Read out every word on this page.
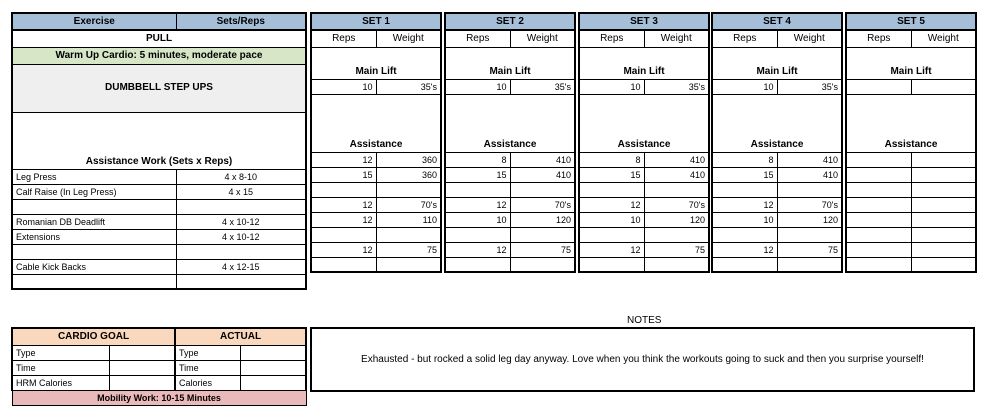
Exercise	Sets/Reps
PULL	
Warm Up Cardio: 5 minutes, moderate pace	
DUMBBELL STEP UPS	
Assistance Work (Sets x Reps)	
Leg Press	4 x 8-10
Calf Raise (In Leg Press)	4 x 15

Romanian DB Deadlift	4 x 10-12
Extensions	4 x 10-12

Cable Kick Backs	4 x 12-15

SET 1	
Reps	Weight
Main Lift	
10	35's
Assistance	
12	360
15	360

12	70's
12	110

12	75

SET 2	
Reps	Weight
Main Lift	
10	35's
Assistance	
8	410
15	410

12	70's
10	120

12	75

SET 3	
Reps	Weight
Main Lift	
10	35's
Assistance	
8	410
15	410

12	70's
10	120

12	75

SET 4	
Reps	Weight
Main Lift	
10	35's
Assistance	
8	410
15	410

12	70's
10	120

12	75

SET 5	
Reps	Weight
Main Lift	

Assistance	

CARDIO GOAL		ACTUAL	
Type		Type	
Time		Time	
HRM Calories		Calories	
Mobility Work: 10-15 Minutes			
NOTES
Exhausted - but rocked a solid leg day anyway. Love when you think the workouts going to suck and then you surprise yourself!
